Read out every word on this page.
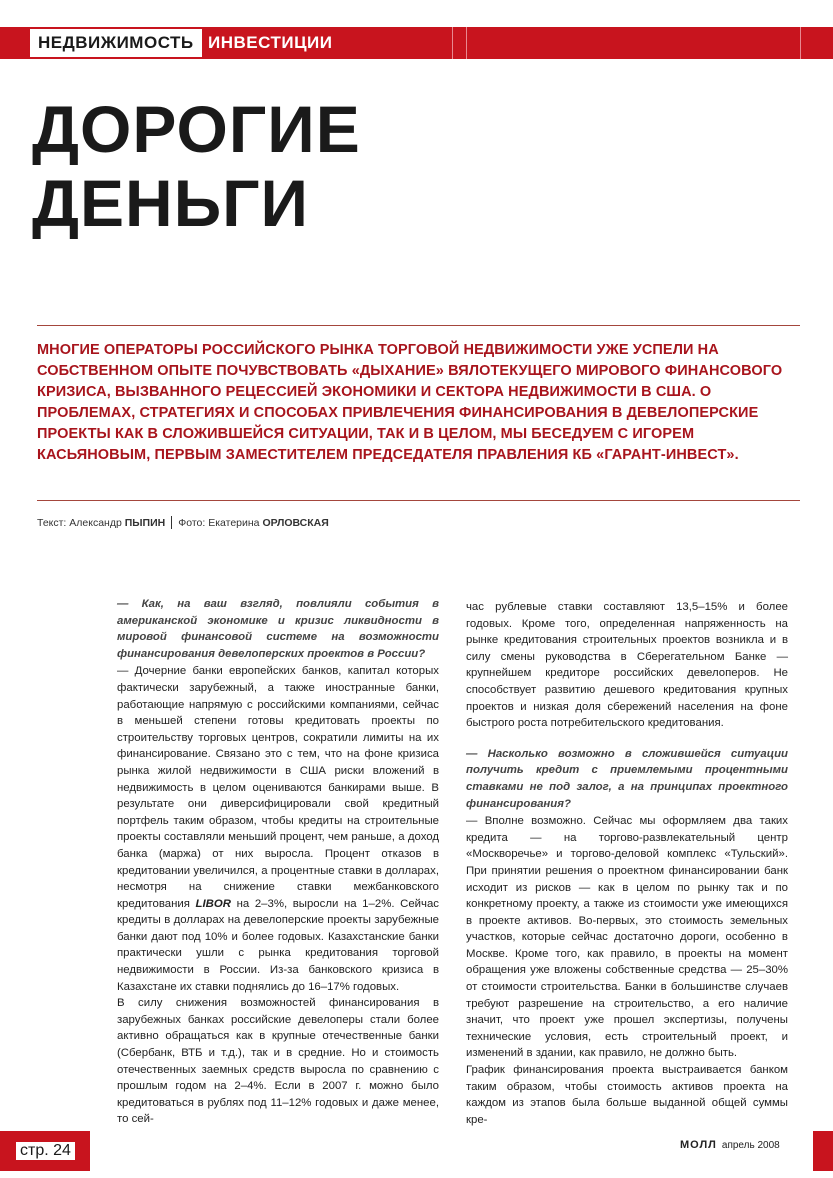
НЕДВИЖИМОСТЬ ИНВЕСТИЦИИ
ДОРОГИЕ
ДЕНЬГИ

МНОГИЕ ОПЕРАТОРЫ РОССИЙСКОГО РЫНКА ТОРГОВОЙ НЕДВИЖИМОСТИ УЖЕ УСПЕЛИ НА СОБСТВЕННОМ ОПЫТЕ ПОЧУВСТВОВАТЬ «ДЫХАНИЕ» ВЯЛОТЕКУЩЕГО МИРОВОГО ФИНАНСОВОГО КРИЗИСА, ВЫЗВАННОГО РЕЦЕССИЕЙ ЭКОНОМИКИ И СЕКТОРА НЕДВИЖИМОСТИ В США. О ПРОБЛЕМАХ, СТРАТЕГИЯХ И СПОСОБАХ ПРИВЛЕЧЕНИЯ ФИНАНСИРОВАНИЯ В ДЕВЕЛОПЕРСКИЕ ПРОЕКТЫ КАК В СЛОЖИВШЕЙСЯ СИТУАЦИИ, ТАК И В ЦЕЛОМ, МЫ БЕСЕДУЕМ С ИГОРЕМ КАСЬЯНОВЫМ, ПЕРВЫМ ЗАМЕСТИТЕЛЕМ ПРЕДСЕДАТЕЛЯ ПРАВЛЕНИЯ КБ «ГАРАНТ-ИНВЕСТ».

Текст: Александр
ПЫПИН Фото: Екатерина
ОРЛОВСКАЯ

— Как, на ваш взгляд, повлияли события в американской экономике и кризис ликвидности в мировой финансовой системе на возможности финансирования девелоперских проектов в России?

— Дочерние банки европейских банков, капитал которых фактически зарубежный, а также иностранные банки, работающие напрямую с российскими компаниями, сейчас в меньшей степени готовы кредитовать проекты по строительству торговых центров, сократили лимиты на их финансирование. Связано это с тем, что на фоне кризиса рынка жилой недвижимости в США риски вложений в недвижимость в целом оцениваются банкирами выше. В результате они диверсифицировали свой кредитный портфель таким образом, чтобы кредиты на строительные проекты составляли меньший процент, чем раньше, а доход банка (маржа) от них выросла. Процент отказов в кредитовании увеличился, а процентные ставки в долларах, несмотря на снижение ставки межбанковского кредитования LIBOR на 2–3%, выросли на 1–2%. Сейчас кредиты в долларах на девелоперские проекты зарубежные банки дают под 10% и более годовых. Казахстанские банки практически ушли с рынка кредитования торговой недвижимости в России. Из-за банковского кризиса в Казахстане их ставки поднялись до 16–17% годовых.

В силу снижения возможностей финансирования в зарубежных банках российские девелоперы стали более активно обращаться как в крупные отечественные банки (Сбербанк, ВТБ и т.д.), так и в средние. Но и стоимость отечественных заемных средств выросла по сравнению с прошлым годом на 2–4%. Если в 2007 г. можно было кредитоваться в рублях под 11–12% годовых и даже менее, то сей-

час рублевые ставки составляют 13,5–15% и более годовых. Кроме того, определенная напряженность на рынке кредитования строительных проектов возникла и в силу смены руководства в Сберегательном Банке — крупнейшем кредиторе российских девелоперов. Не способствует развитию дешевого кредитования крупных проектов и низкая доля сбережений населения на фоне быстрого роста потребительского кредитования.

— Насколько возможно в сложившейся ситуации получить кредит с приемлемыми процентными ставками не под залог, а на принципах проектного финансирования?

— Вполне возможно. Сейчас мы оформляем два таких кредита — на торгово-развлекательный центр «Москворечье» и торгово-деловой комплекс «Тульский». При принятии решения о проектном финансировании банк исходит из рисков — как в целом по рынку так и по конкретному проекту, а также из стоимости уже имеющихся в проекте активов. Во-первых, это стоимость земельных участков, которые сейчас достаточно дороги, особенно в Москве. Кроме того, как правило, в проекты на момент обращения уже вложены собственные средства — 25–30% от стоимости строительства. Банки в большинстве случаев требуют разрешение на строительство, а его наличие значит, что проект уже прошел экспертизы, получены технические условия, есть строительный проект, и изменений в здании, как правило, не должно быть.

График финансирования проекта выстраивается банком таким образом, чтобы стоимость активов проекта на каждом из этапов была больше выданной общей суммы кре-

стр. 24	МОЛЛ апрель 2008
